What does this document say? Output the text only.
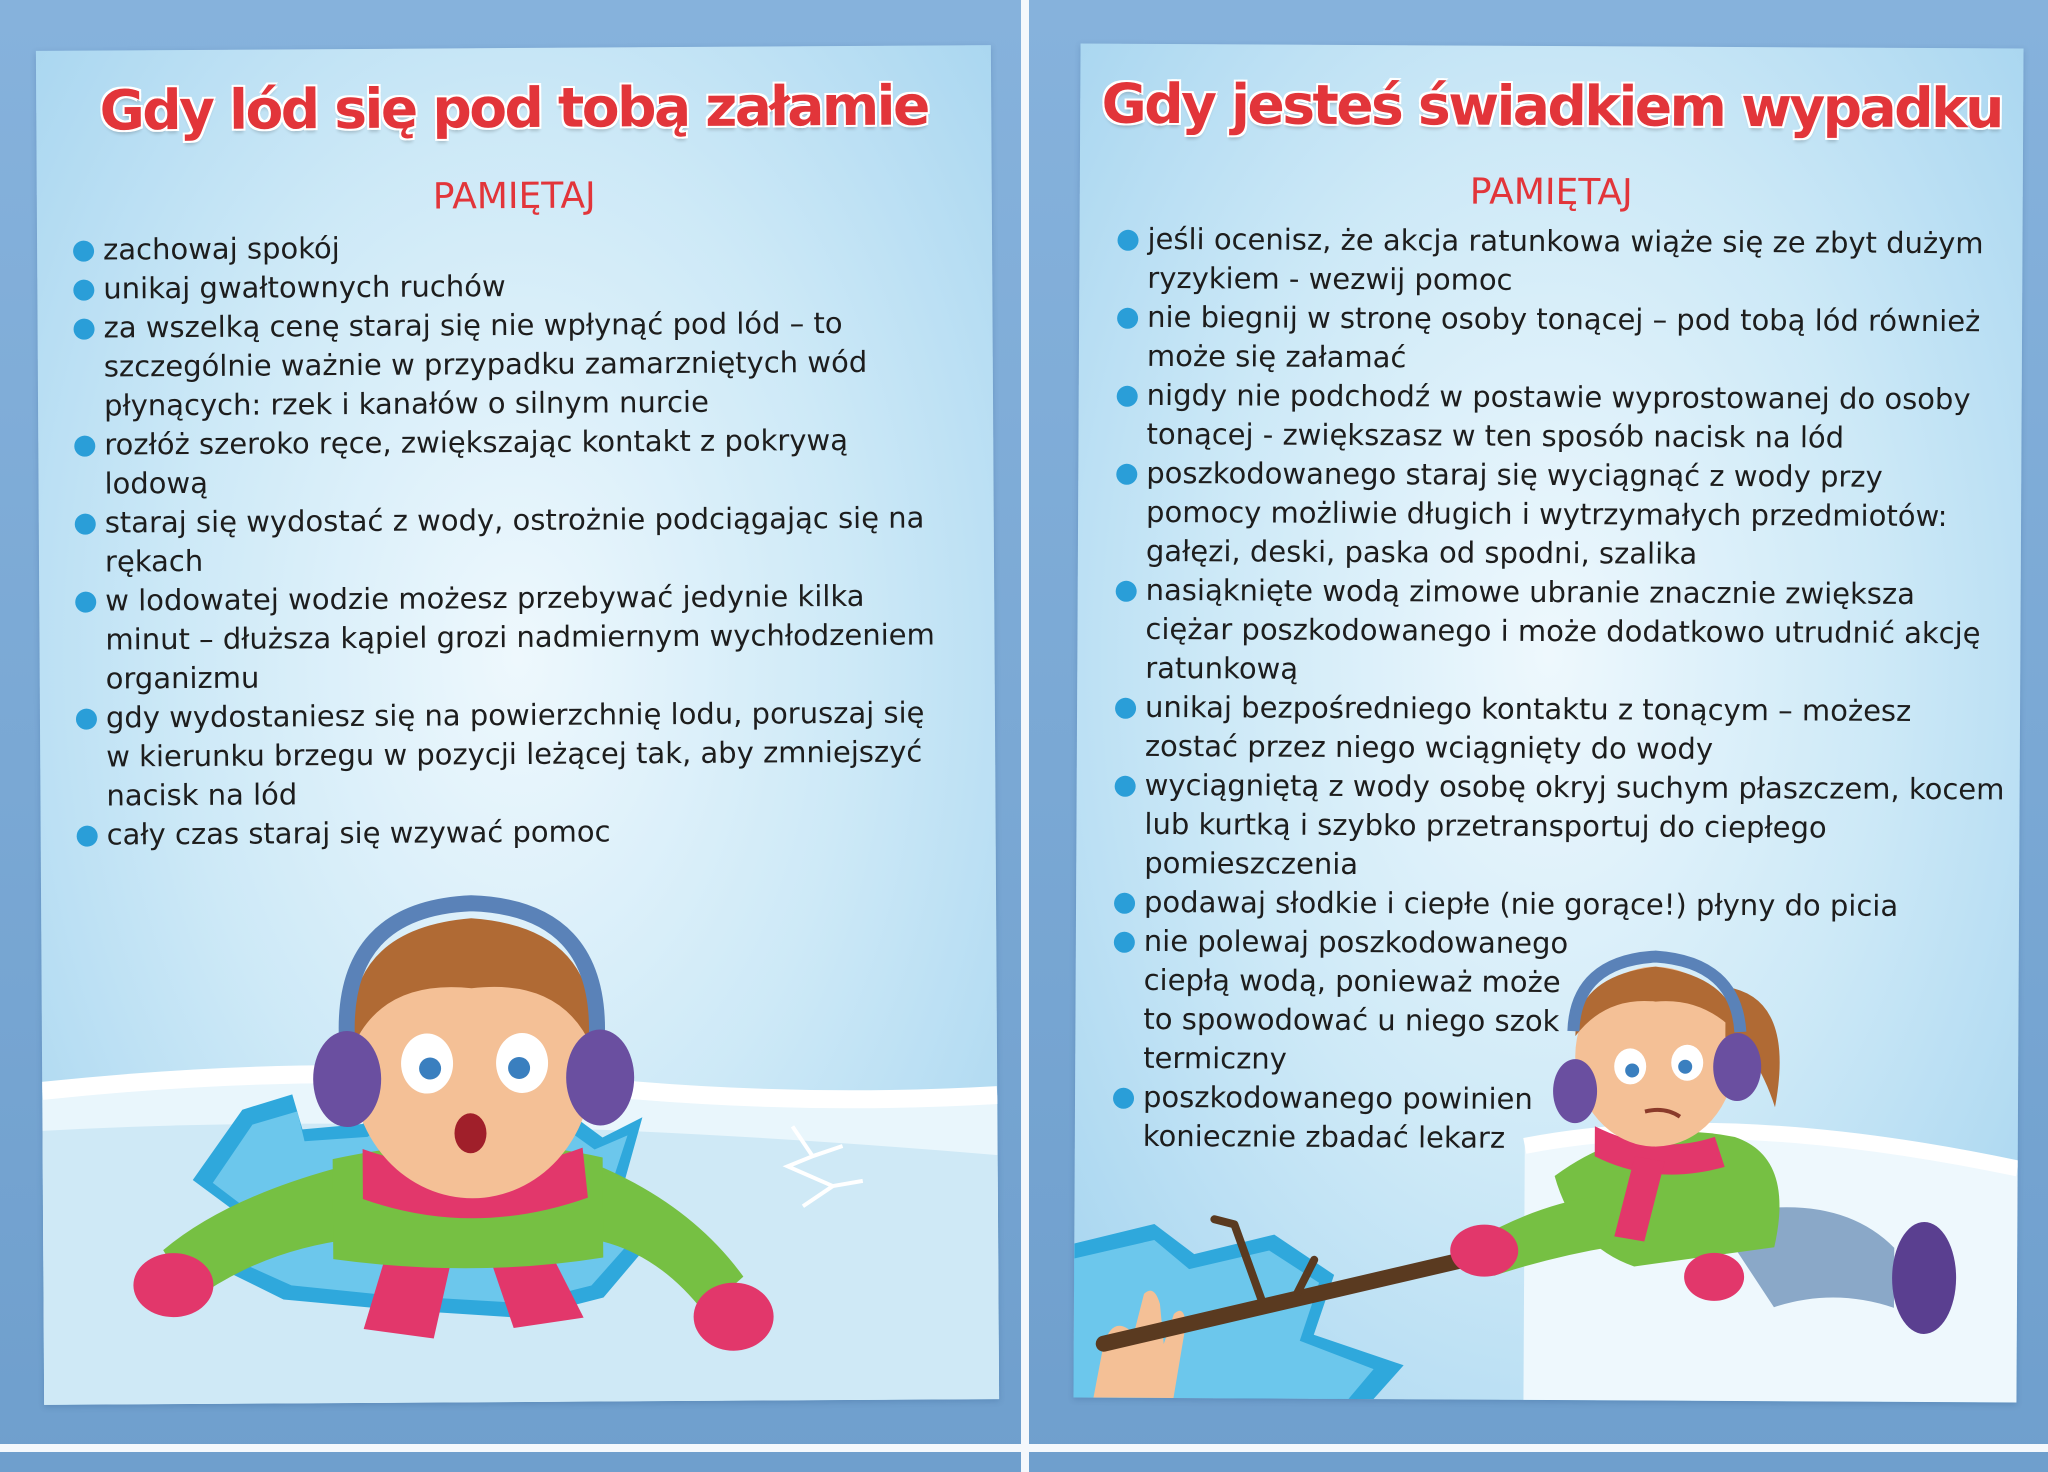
Gdy lód się pod tobą załamie
PAMIĘTAJ
zachowaj spokój
unikaj gwałtownych ruchów
za wszelką cenę staraj się nie wpłynąć pod lód – to szczególnie ważnie w przypadku zamarzniętych wód płynących: rzek i kanałów o silnym nurcie
rozłóż szeroko ręce, zwiększając kontakt z pokrywą lodową
staraj się wydostać z wody, ostrożnie podciągając się na rękach
w lodowatej wodzie możesz przebywać jedynie kilka minut – dłuższa kąpiel grozi nadmiernym wychłodzeniem organizmu
gdy wydostaniesz się na powierzchnię lodu, poruszaj się w kierunku brzegu w pozycji leżącej tak, aby zmniejszyć nacisk na lód
cały czas staraj się wzywać pomoc
Gdy jesteś świadkiem wypadku
PAMIĘTAJ
jeśli ocenisz, że akcja ratunkowa wiąże się ze zbyt dużym ryzykiem - wezwij pomoc
nie biegnij w stronę osoby tonącej – pod tobą lód również może się załamać
nigdy nie podchodź w postawie wyprostowanej do osoby tonącej - zwiększasz w ten sposób nacisk na lód
poszkodowanego staraj się wyciągnąć z wody przy pomocy możliwie długich i wytrzymałych przedmiotów: gałęzi, deski, paska od spodni, szalika
nasiąknięte wodą zimowe ubranie znacznie zwiększa ciężar poszkodowanego i może dodatkowo utrudnić akcję ratunkową
unikaj bezpośredniego kontaktu z tonącym – możesz zostać przez niego wciągnięty do wody
wyciągniętą z wody osobę okryj suchym płaszczem, kocem lub kurtką i szybko przetransportuj do ciepłego pomieszczenia
podawaj słodkie i ciepłe (nie gorące!) płyny do picia
nie polewaj poszkodowanego ciepłą wodą, ponieważ może to spowodować u niego szok termiczny
poszkodowanego powinien koniecznie zbadać lekarz
